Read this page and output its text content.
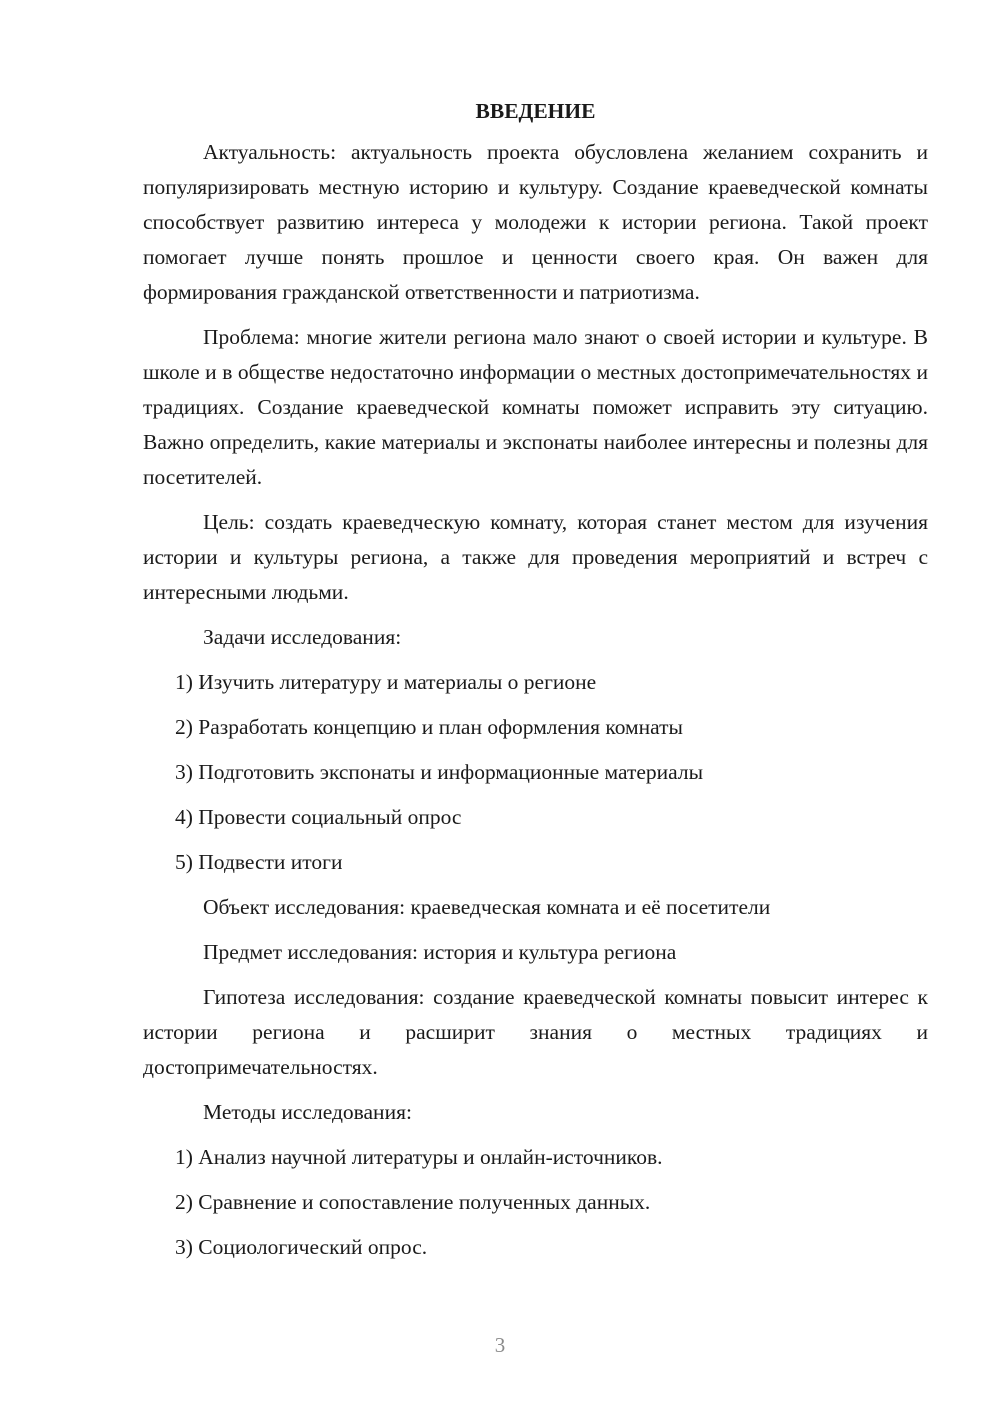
ВВЕДЕНИЕ

Актуальность: актуальность проекта обусловлена желанием сохранить и популяризировать местную историю и культуру. Создание краеведческой комнаты способствует развитию интереса у молодежи к истории региона. Такой проект помогает лучше понять прошлое и ценности своего края. Он важен для формирования гражданской ответственности и патриотизма.

Проблема: многие жители региона мало знают о своей истории и культуре. В школе и в обществе недостаточно информации о местных достопримечательностях и традициях. Создание краеведческой комнаты поможет исправить эту ситуацию. Важно определить, какие материалы и экспонаты наиболее интересны и полезны для посетителей.

Цель: создать краеведческую комнату, которая станет местом для изучения истории и культуры региона, а также для проведения мероприятий и встреч с интересными людьми.

Задачи исследования:
1) Изучить литературу и материалы о регионе
2) Разработать концепцию и план оформления комнаты
3) Подготовить экспонаты и информационные материалы
4) Провести социальный опрос
5) Подвести итоги
Объект исследования: краеведческая комната и её посетители
Предмет исследования: история и культура региона

Гипотеза исследования: создание краеведческой комнаты повысит интерес к истории региона и расширит знания о местных традициях и достопримечательностях.

Методы исследования:
1) Анализ научной литературы и онлайн-источников.
2) Сравнение и сопоставление полученных данных.
3) Социологический опрос.
3
